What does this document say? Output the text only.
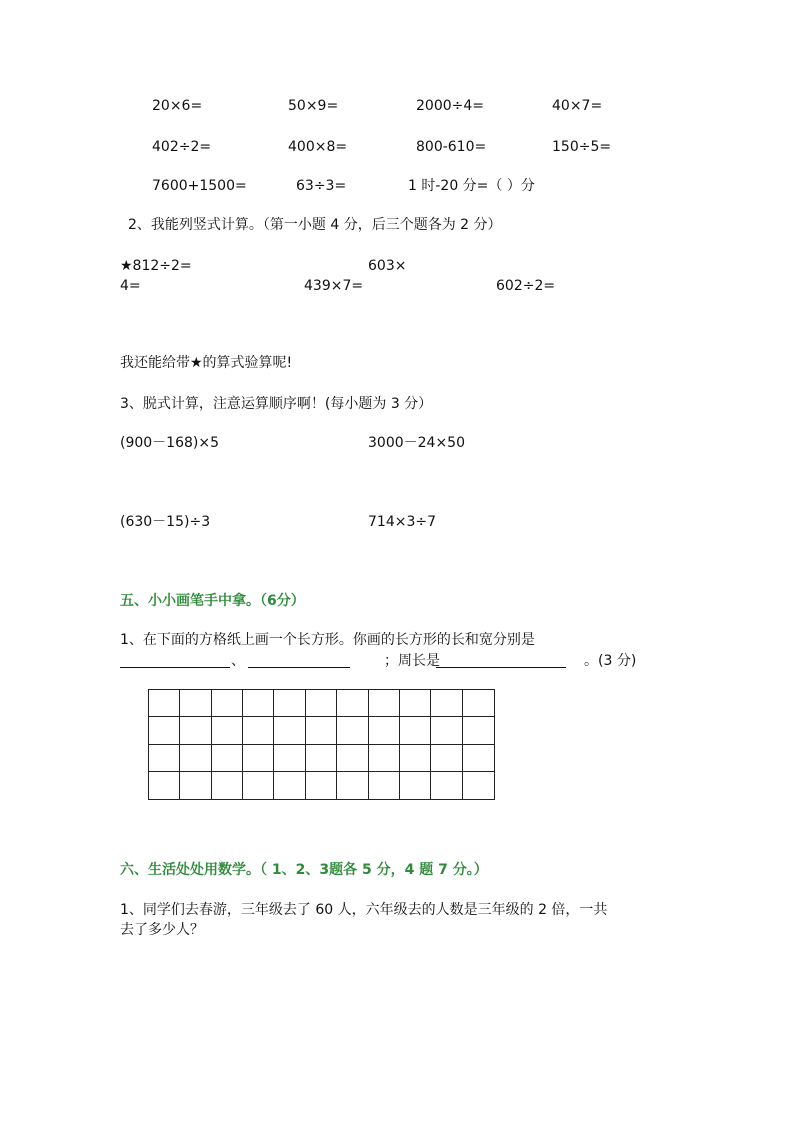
20×6=	50×9=	2000÷4=	40×7=
402÷2=	400×8=	800-610=	150÷5=
7600+1500=	63÷3=	1 时-20 分=（ ）分
2、我能列竖式计算。（第一小题 4 分，后三个题各为 2 分）
★812÷2=	603×
4=	439×7=	602÷2=
我还能给带★的算式验算呢!
3、脱式计算，注意运算顺序啊！(每小题为 3 分）
(900－168)×5	3000－24×50
(630－15)÷3	714×3÷7
五、小小画笔手中拿。（6分）
1、在下面的方格纸上画一个长方形。你画的长方形的长和宽分别是
、	；周长是	。(3 分)
六、生活处处用数学。（ 1、2、3题各 5 分，4 题 7 分。）
1、同学们去春游，三年级去了 60 人，六年级去的人数是三年级的 2 倍，一共
去了多少人？
